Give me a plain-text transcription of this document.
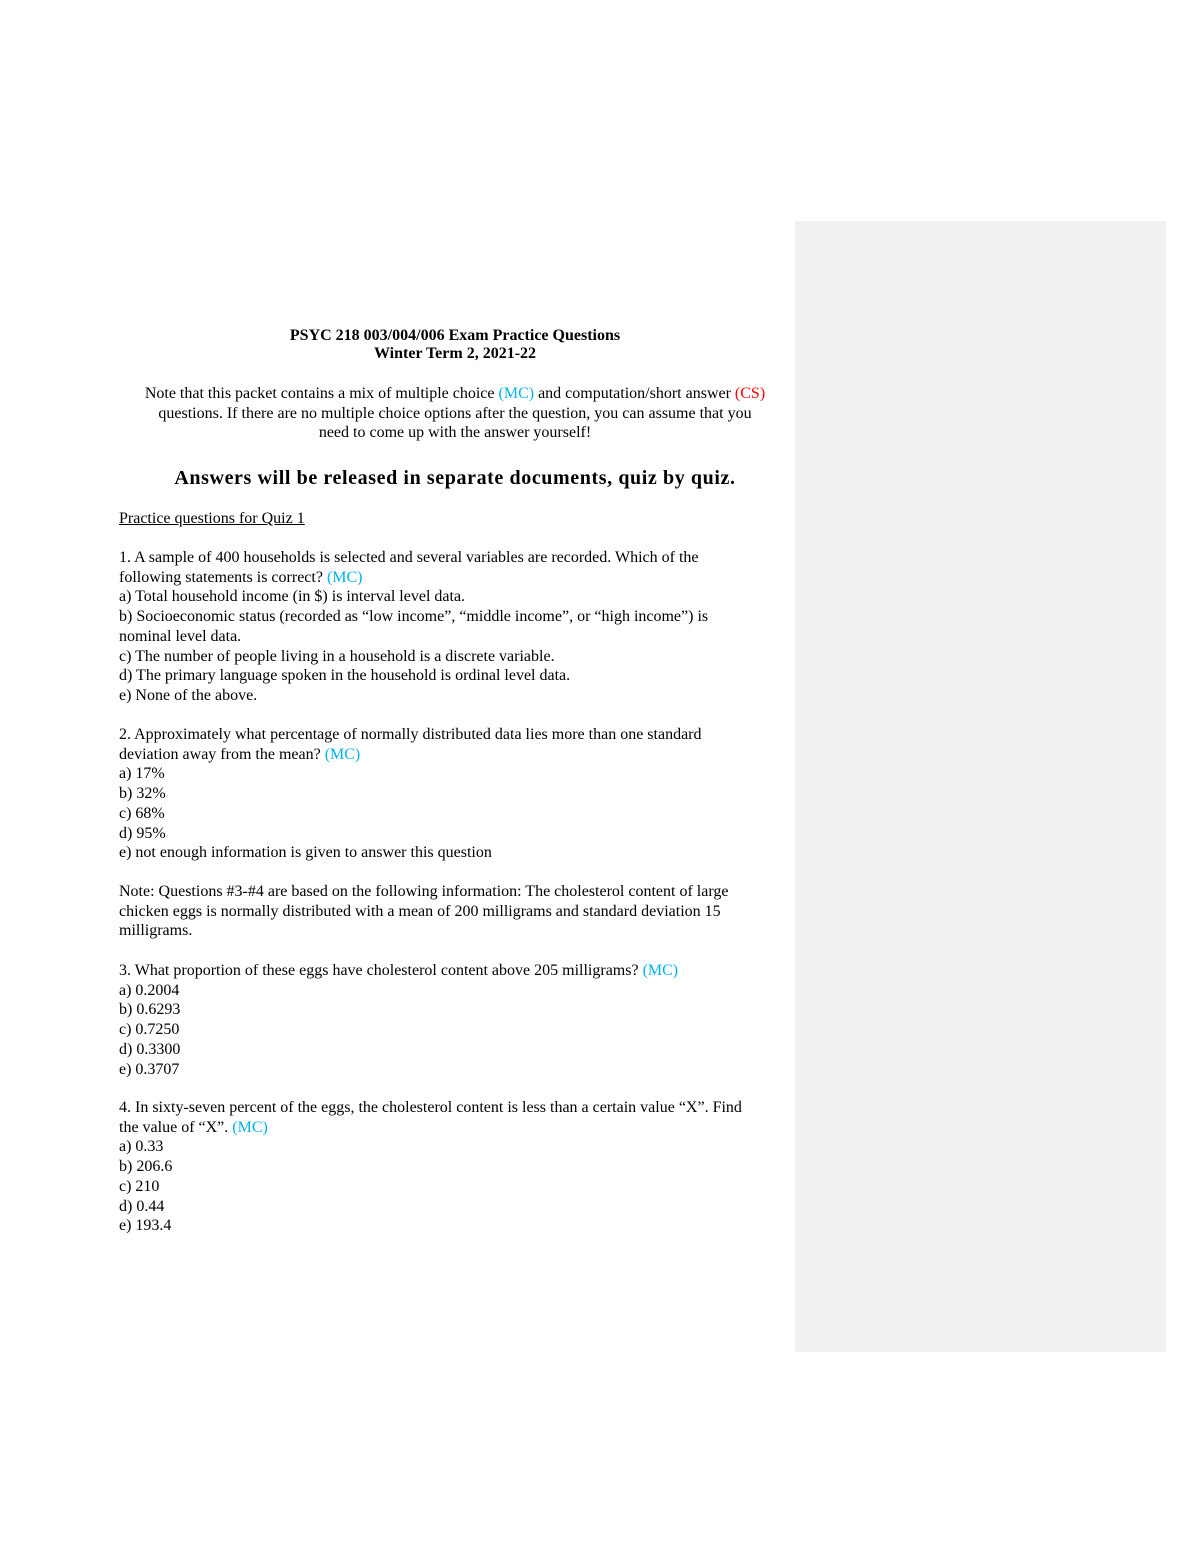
PSYC 218 003/004/006 Exam Practice Questions
Winter Term 2, 2021-22
Note that this packet contains a mix of multiple choice (MC) and computation/short answer (CS)
questions. If there are no multiple choice options after the question, you can assume that you
need to come up with the answer yourself!
Answers will be released in separate documents, quiz by quiz.
Practice questions for Quiz 1
1. A sample of 400 households is selected and several variables are recorded. Which of the
following statements is correct? (MC)
a) Total household income (in $) is interval level data.
b) Socioeconomic status (recorded as “low income”, “middle income”, or “high income”) is
nominal level data.
c) The number of people living in a household is a discrete variable.
d) The primary language spoken in the household is ordinal level data.
e) None of the above.
2. Approximately what percentage of normally distributed data lies more than one standard
deviation away from the mean? (MC)
a) 17%
b) 32%
c) 68%
d) 95%
e) not enough information is given to answer this question
Note: Questions #3-#4 are based on the following information: The cholesterol content of large
chicken eggs is normally distributed with a mean of 200 milligrams and standard deviation 15
milligrams.
3. What proportion of these eggs have cholesterol content above 205 milligrams? (MC)
a) 0.2004
b) 0.6293
c) 0.7250
d) 0.3300
e) 0.3707
4. In sixty-seven percent of the eggs, the cholesterol content is less than a certain value “X”. Find
the value of “X”. (MC)
a) 0.33
b) 206.6
c) 210
d) 0.44
e) 193.4
